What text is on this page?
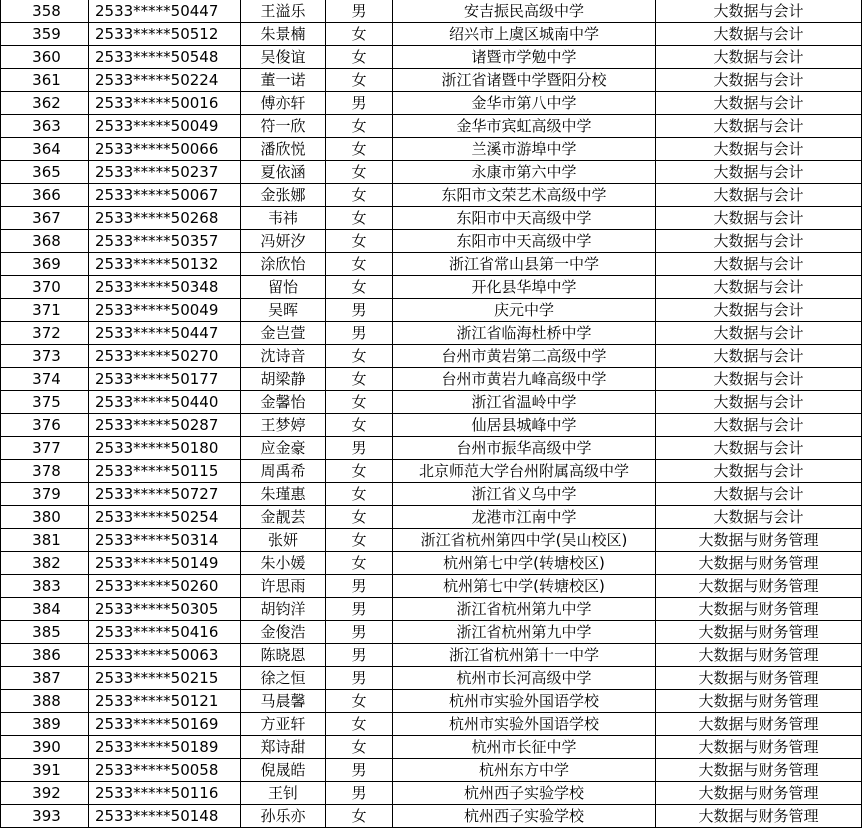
358	2533*****50447	王溢乐	男	安吉振民高级中学	大数据与会计
359	2533*****50512	朱景楠	女	绍兴市上虞区城南中学	大数据与会计
360	2533*****50548	吴俊谊	女	诸暨市学勉中学	大数据与会计
361	2533*****50224	董一诺	女	浙江省诸暨中学暨阳分校	大数据与会计
362	2533*****50016	傅亦轩	男	金华市第八中学	大数据与会计
363	2533*****50049	符一欣	女	金华市宾虹高级中学	大数据与会计
364	2533*****50066	潘欣悦	女	兰溪市游埠中学	大数据与会计
365	2533*****50237	夏依涵	女	永康市第六中学	大数据与会计
366	2533*****50067	金张娜	女	东阳市文荣艺术高级中学	大数据与会计
367	2533*****50268	韦祎	女	东阳市中天高级中学	大数据与会计
368	2533*****50357	冯妍汐	女	东阳市中天高级中学	大数据与会计
369	2533*****50132	涂欣怡	女	浙江省常山县第一中学	大数据与会计
370	2533*****50348	留怡	女	开化县华埠中学	大数据与会计
371	2533*****50049	吴晖	男	庆元中学	大数据与会计
372	2533*****50447	金岂萱	男	浙江省临海杜桥中学	大数据与会计
373	2533*****50270	沈诗音	女	台州市黄岩第二高级中学	大数据与会计
374	2533*****50177	胡梁静	女	台州市黄岩九峰高级中学	大数据与会计
375	2533*****50440	金馨怡	女	浙江省温岭中学	大数据与会计
376	2533*****50287	王梦婷	女	仙居县城峰中学	大数据与会计
377	2533*****50180	应金豪	男	台州市振华高级中学	大数据与会计
378	2533*****50115	周禹希	女	北京师范大学台州附属高级中学	大数据与会计
379	2533*****50727	朱瑾惠	女	浙江省义乌中学	大数据与会计
380	2533*****50254	金靓芸	女	龙港市江南中学	大数据与会计
381	2533*****50314	张妍	女	浙江省杭州第四中学(吴山校区)	大数据与财务管理
382	2533*****50149	朱小媛	女	杭州第七中学(转塘校区)	大数据与财务管理
383	2533*****50260	许思雨	男	杭州第七中学(转塘校区)	大数据与财务管理
384	2533*****50305	胡钧洋	男	浙江省杭州第九中学	大数据与财务管理
385	2533*****50416	金俊浩	男	浙江省杭州第九中学	大数据与财务管理
386	2533*****50063	陈晓恩	男	浙江省杭州第十一中学	大数据与财务管理
387	2533*****50215	徐之恒	男	杭州市长河高级中学	大数据与财务管理
388	2533*****50121	马晨馨	女	杭州市实验外国语学校	大数据与财务管理
389	2533*****50169	方亚轩	女	杭州市实验外国语学校	大数据与财务管理
390	2533*****50189	郑诗甜	女	杭州市长征中学	大数据与财务管理
391	2533*****50058	倪晟皓	男	杭州东方中学	大数据与财务管理
392	2533*****50116	王钊	男	杭州西子实验学校	大数据与财务管理
393	2533*****50148	孙乐亦	女	杭州西子实验学校	大数据与财务管理
